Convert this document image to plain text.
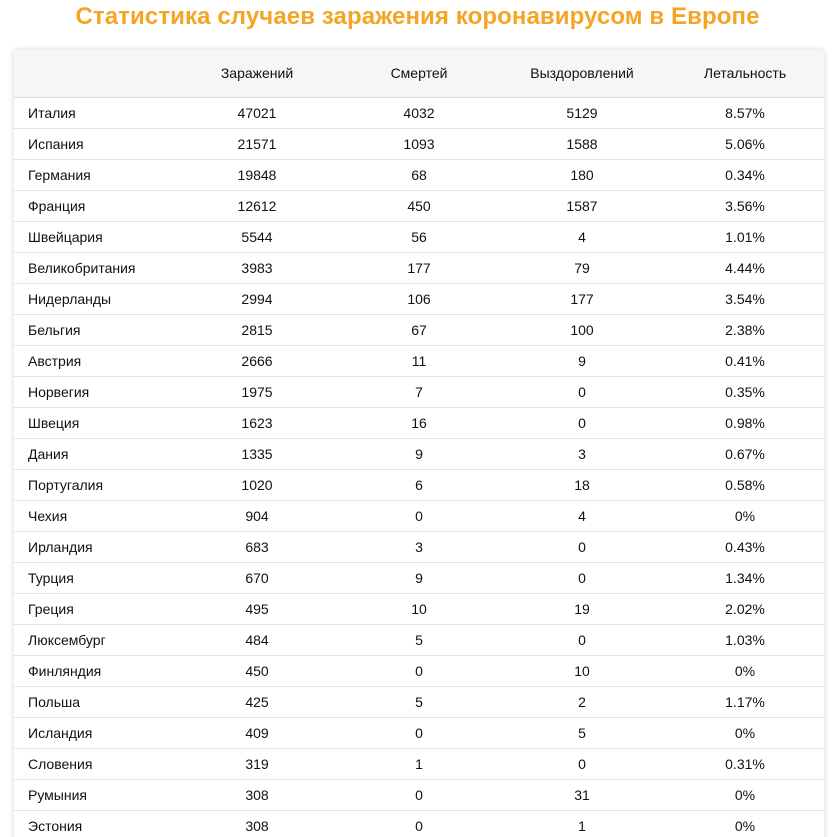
Статистика случаев заражения коронавирусом в Европе
	Заражений	Смертей	Выздоровлений	Летальность
Италия	47021	4032	5129	8.57%
Испания	21571	1093	1588	5.06%
Германия	19848	68	180	0.34%
Франция	12612	450	1587	3.56%
Швейцария	5544	56	4	1.01%
Великобритания	3983	177	79	4.44%
Нидерланды	2994	106	177	3.54%
Бельгия	2815	67	100	2.38%
Австрия	2666	11	9	0.41%
Норвегия	1975	7	0	0.35%
Швеция	1623	16	0	0.98%
Дания	1335	9	3	0.67%
Португалия	1020	6	18	0.58%
Чехия	904	0	4	0%
Ирландия	683	3	0	0.43%
Турция	670	9	0	1.34%
Греция	495	10	19	2.02%
Люксембург	484	5	0	1.03%
Финляндия	450	0	10	0%
Польша	425	5	2	1.17%
Исландия	409	0	5	0%
Словения	319	1	0	0.31%
Румыния	308	0	31	0%
Эстония	308	0	1	0%
